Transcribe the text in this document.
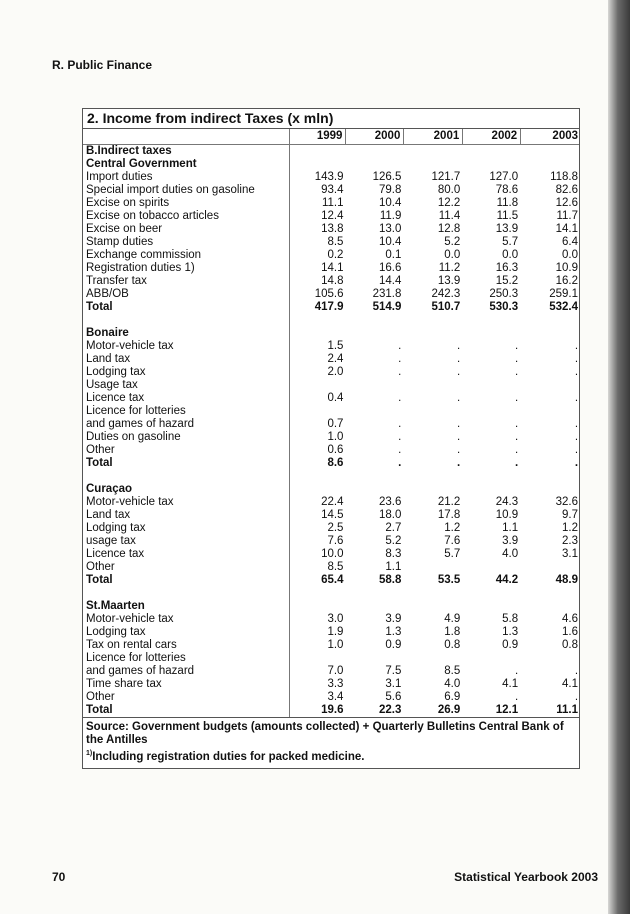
R. Public Finance
2. Income from indirect Taxes (x mln)
1999	2000	2001	2002	2003
B.Indirect taxes
Central Government
Import duties	143.9	126.5	121.7	127.0	118.8
Special import duties on gasoline	93.4	79.8	80.0	78.6	82.6
Excise on spirits	11.1	10.4	12.2	11.8	12.6
Excise on tobacco articles	12.4	11.9	11.4	11.5	11.7
Excise on beer	13.8	13.0	12.8	13.9	14.1
Stamp duties	8.5	10.4	5.2	5.7	6.4
Exchange commission	0.2	0.1	0.0	0.0	0.0
Registration duties 1)	14.1	16.6	11.2	16.3	10.9
Transfer tax	14.8	14.4	13.9	15.2	16.2
ABB/OB	105.6	231.8	242.3	250.3	259.1
Total	417.9	514.9	510.7	530.3	532.4
Bonaire
Motor-vehicle tax	1.5	.	.	.	.
Land tax	2.4	.	.	.	.
Lodging tax	2.0	.	.	.	.
Usage tax
Licence tax	0.4	.	.	.	.
Licence for lotteries
and games of hazard	0.7	.	.	.	.
Duties on gasoline	1.0	.	.	.	.
Other	0.6	.	.	.	.
Total	8.6	.	.	.	.
Curaçao
Motor-vehicle tax	22.4	23.6	21.2	24.3	32.6
Land tax	14.5	18.0	17.8	10.9	9.7
Lodging tax	2.5	2.7	1.2	1.1	1.2
usage tax	7.6	5.2	7.6	3.9	2.3
Licence tax	10.0	8.3	5.7	4.0	3.1
Other	8.5	1.1
Total	65.4	58.8	53.5	44.2	48.9
St.Maarten
Motor-vehicle tax	3.0	3.9	4.9	5.8	4.6
Lodging tax	1.9	1.3	1.8	1.3	1.6
Tax on rental cars	1.0	0.9	0.8	0.9	0.8
Licence for lotteries
and games of hazard	7.0	7.5	8.5	.	.
Time share tax	3.3	3.1	4.0	4.1	4.1
Other	3.4	5.6	6.9	.	.
Total	19.6	22.3	26.9	12.1	11.1
Source: Government budgets (amounts collected) + Quarterly Bulletins Central Bank of the Antilles
$^{1)}$Including registration duties for packed medicine.
70	Statistical Yearbook 2003
